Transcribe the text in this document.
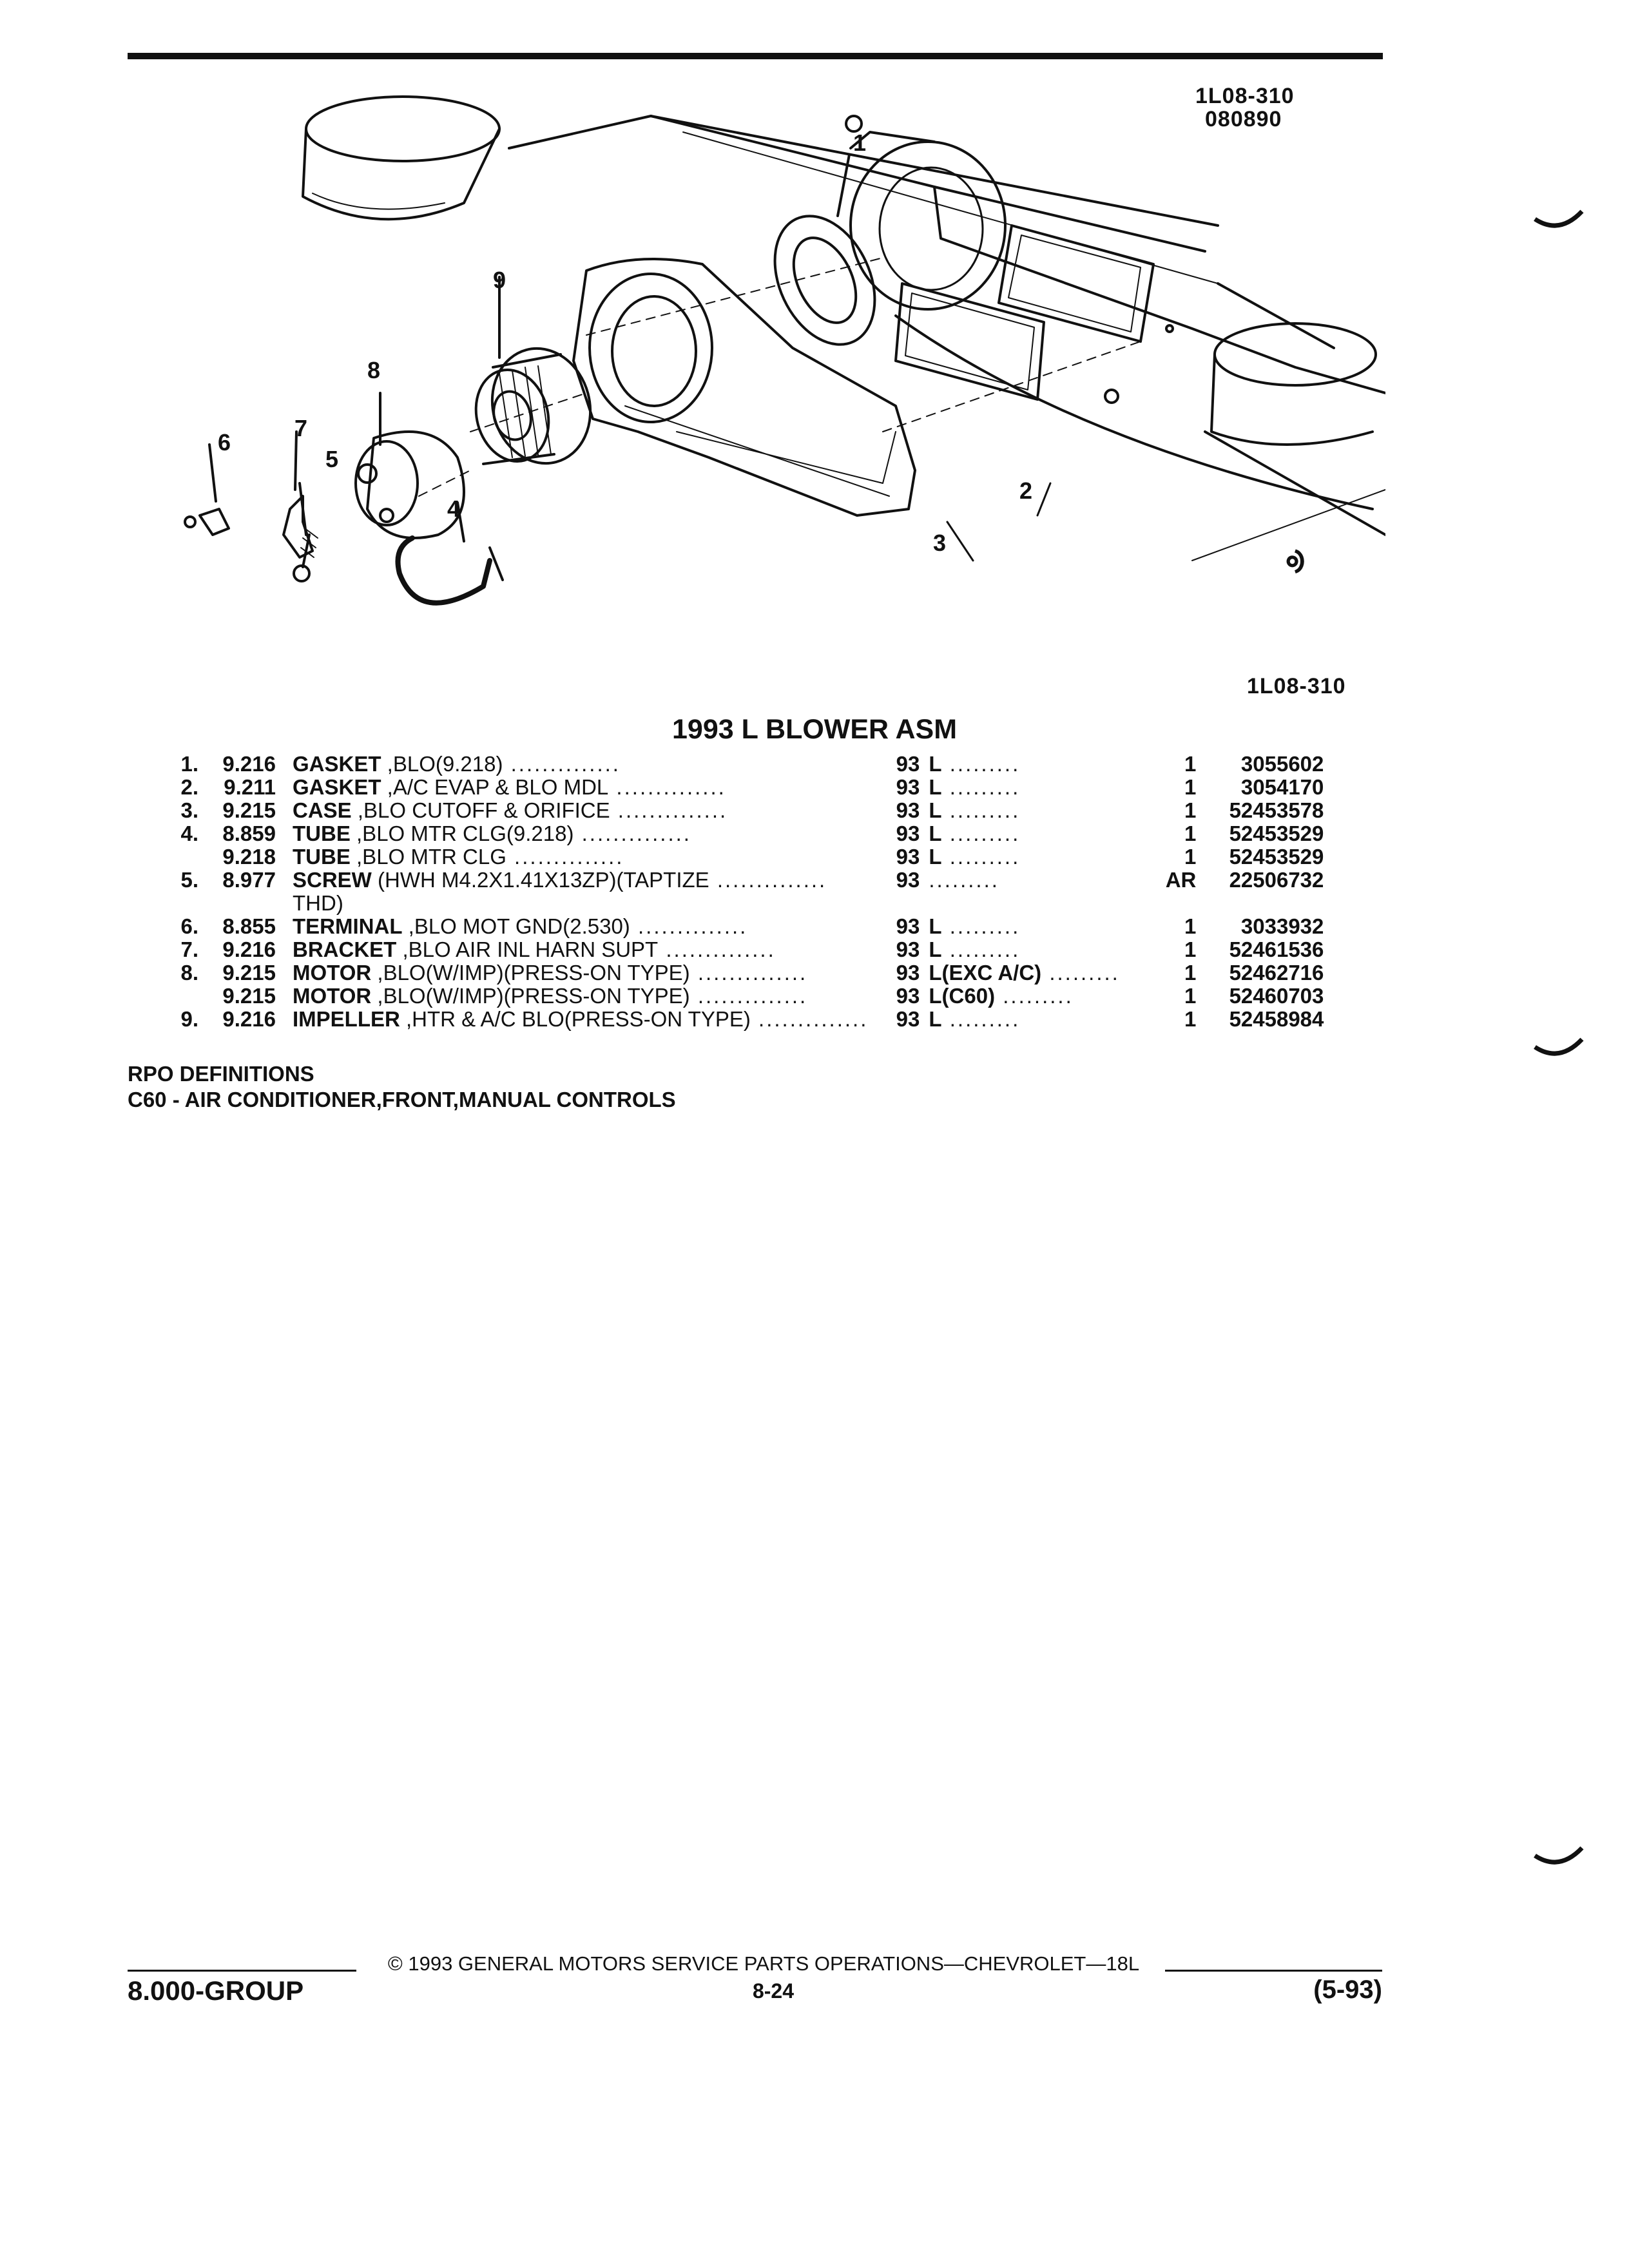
1L08-310
080890
1
2
3
4
5
6
7
8
9
ᢀ
1L08-310
1993 L BLOWER ASM
1.	9.216	GASKET ,BLO(9.218) ..............	93	L .........	1	3055602
2.	9.211	GASKET ,A/C EVAP & BLO MDL ..............	93	L .........	1	3054170
3.	9.215	CASE ,BLO CUTOFF & ORIFICE ..............	93	L .........	1	52453578
4.	8.859	TUBE ,BLO MTR CLG(9.218) ..............	93	L .........	1	52453529
	9.218	TUBE ,BLO MTR CLG ..............	93	L .........	1	52453529
5.	8.977	SCREW (HWH M4.2X1.41X13ZP)(TAPTIZE ..............	93	.........	AR	22506732
		THD)				
6.	8.855	TERMINAL ,BLO MOT GND(2.530) ..............	93	L .........	1	3033932
7.	9.216	BRACKET ,BLO AIR INL HARN SUPT ..............	93	L .........	1	52461536
8.	9.215	MOTOR ,BLO(W/IMP)(PRESS-ON TYPE) ..............	93	L(EXC A/C) .........	1	52462716
	9.215	MOTOR ,BLO(W/IMP)(PRESS-ON TYPE) ..............	93	L(C60) .........	1	52460703
9.	9.216	IMPELLER ,HTR & A/C BLO(PRESS-ON TYPE) ..............	93	L .........	1	52458984
RPO DEFINITIONS
C60 - AIR CONDITIONER,FRONT,MANUAL CONTROLS
© 1993 GENERAL MOTORS SERVICE PARTS OPERATIONS—CHEVROLET—18L
8.000-GROUP	8-24	(5-93)
